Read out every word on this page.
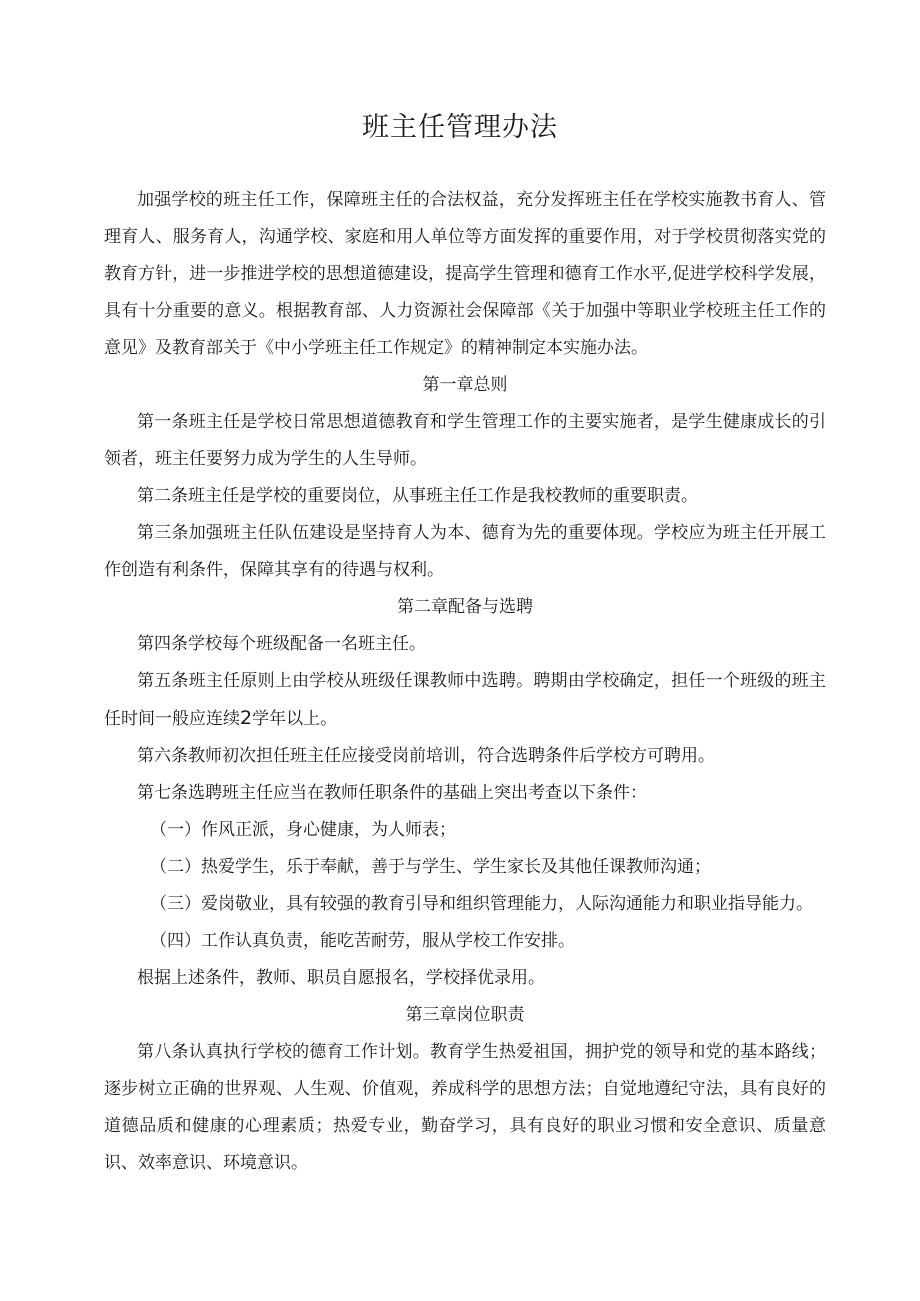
班主任管理办法

加强学校的班主任工作，保障班主任的合法权益，充分发挥班主任在学校实施教书育人、管理育人、服务育人，沟通学校、家庭和用人单位等方面发挥的重要作用，对于学校贯彻落实党的教育方针，进一步推进学校的思想道德建设，提高学生管理和德育工作水平,促进学校科学发展，具有十分重要的意义。根据教育部、人力资源社会保障部《关于加强中等职业学校班主任工作的意见》及教育部关于《中小学班主任工作规定》的精神制定本实施办法。

第一章总则

第一条班主任是学校日常思想道德教育和学生管理工作的主要实施者，是学生健康成长的引领者，班主任要努力成为学生的人生导师。

第二条班主任是学校的重要岗位，从事班主任工作是我校教师的重要职责。

第三条加强班主任队伍建设是坚持育人为本、德育为先的重要体现。学校应为班主任开展工作创造有利条件，保障其享有的待遇与权利。

第二章配备与选聘

第四条学校每个班级配备一名班主任。

第五条班主任原则上由学校从班级任课教师中选聘。聘期由学校确定，担任一个班级的班主任时间一般应连续2学年以上。

第六条教师初次担任班主任应接受岗前培训，符合选聘条件后学校方可聘用。

第七条选聘班主任应当在教师任职条件的基础上突出考查以下条件：

（一）作风正派，身心健康，为人师表；

（二）热爱学生，乐于奉献，善于与学生、学生家长及其他任课教师沟通；

（三）爱岗敬业，具有较强的教育引导和组织管理能力，人际沟通能力和职业指导能力。

（四）工作认真负责，能吃苦耐劳，服从学校工作安排。

根据上述条件，教师、职员自愿报名，学校择优录用。

第三章岗位职责

第八条认真执行学校的德育工作计划。教育学生热爱祖国，拥护党的领导和党的基本路线；逐步树立正确的世界观、人生观、价值观，养成科学的思想方法；自觉地遵纪守法，具有良好的道德品质和健康的心理素质；热爱专业，勤奋学习，具有良好的职业习惯和安全意识、质量意识、效率意识、环境意识。
